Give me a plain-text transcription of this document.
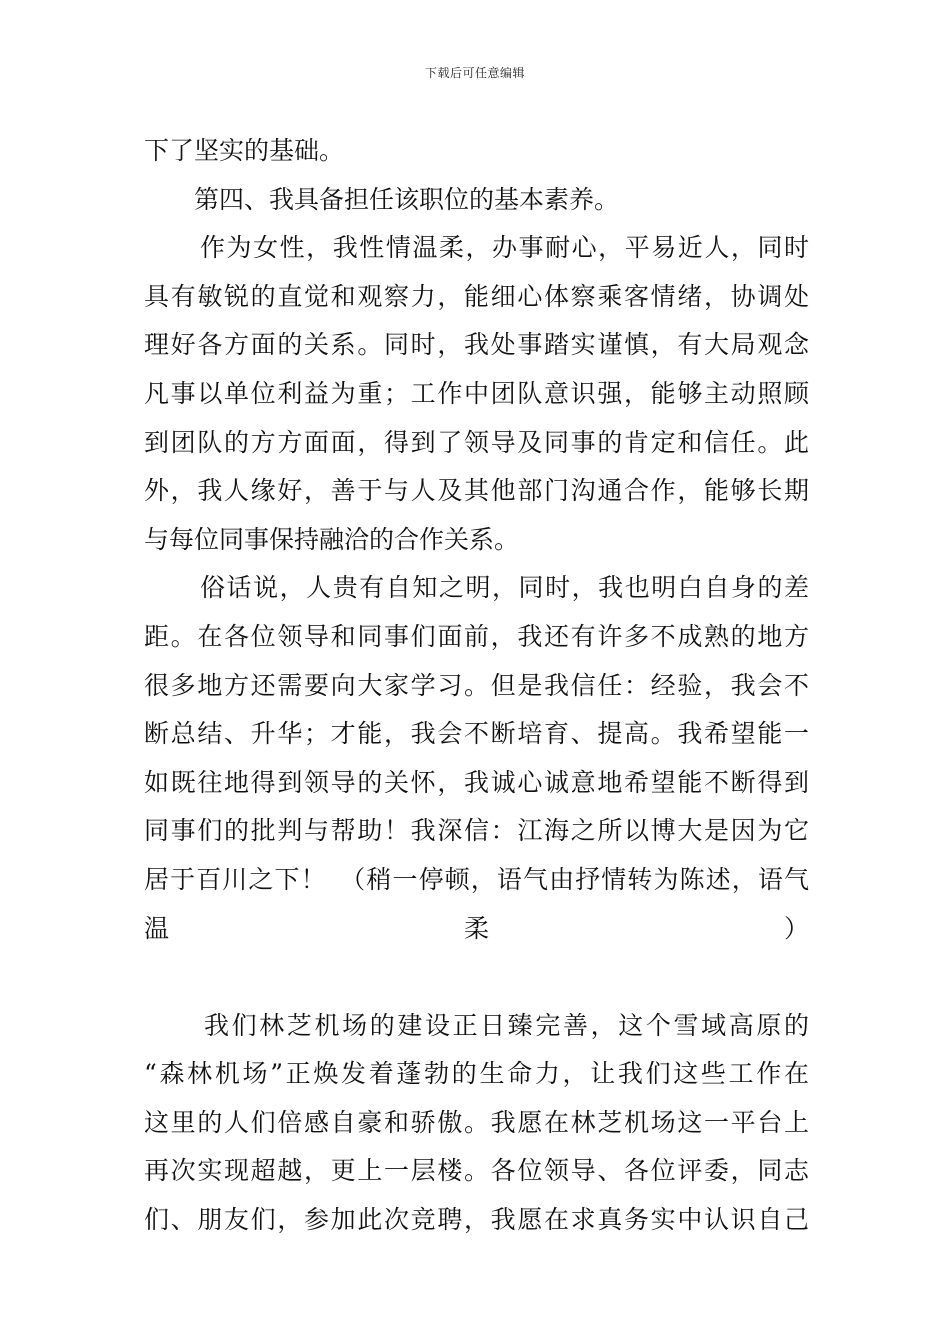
下载后可任意编辑
下了坚实的基础。
第四、我具备担任该职位的基本素养。
作为女性，我性情温柔，办事耐心，平易近人，同时
具有敏锐的直觉和观察力，能细心体察乘客情绪，协调处
理好各方面的关系。同时，我处事踏实谨慎，有大局观念
凡事以单位利益为重；工作中团队意识强，能够主动照顾
到团队的方方面面，得到了领导及同事的肯定和信任。此
外，我人缘好，善于与人及其他部门沟通合作，能够长期
与每位同事保持融洽的合作关系。
俗话说，人贵有自知之明，同时，我也明白自身的差
距。在各位领导和同事们面前，我还有许多不成熟的地方
很多地方还需要向大家学习。但是我信任：经验，我会不
断总结、升华；才能，我会不断培育、提高。我希望能一
如既往地得到领导的关怀，我诚心诚意地希望能不断得到
同事们的批判与帮助！我深信：江海之所以博大是因为它
居于百川之下！　（稍一停顿，语气由抒情转为陈述，语气
温柔）
我们林芝机场的建设正日臻完善，这个雪域高原的
“森林机场”正焕发着蓬勃的生命力，让我们这些工作在
这里的人们倍感自豪和骄傲。我愿在林芝机场这一平台上
再次实现超越，更上一层楼。各位领导、各位评委，同志
们、朋友们，参加此次竞聘，我愿在求真务实中认识自己
